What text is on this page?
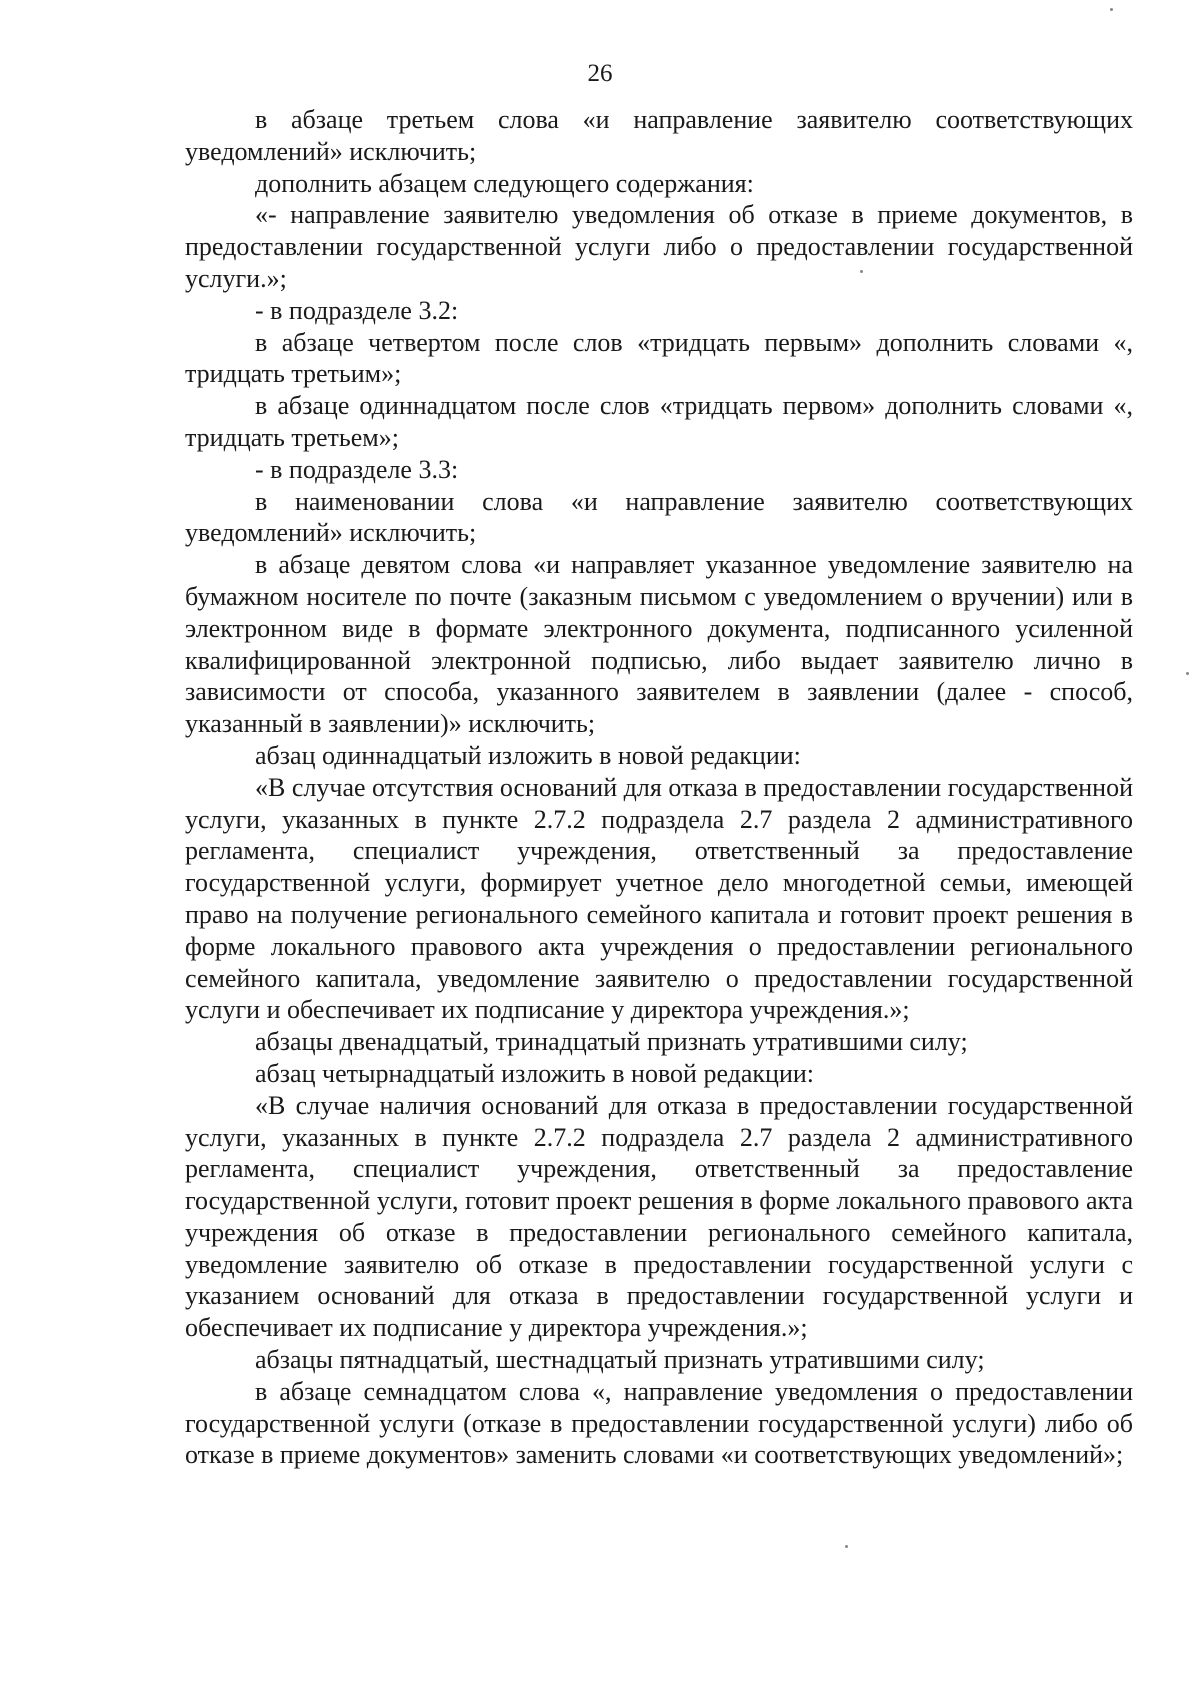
26

в абзаце третьем слова «и направление заявителю соответствующих уведомлений» исключить;

дополнить абзацем следующего содержания:

«- направление заявителю уведомления об отказе в приеме документов, в предоставлении государственной услуги либо о предоставлении государственной услуги.»;

- в подразделе 3.2:

в абзаце четвертом после слов «тридцать первым» дополнить словами «, тридцать третьим»;

в абзаце одиннадцатом после слов «тридцать первом» дополнить словами «, тридцать третьем»;

- в подразделе 3.3:

в наименовании слова «и направление заявителю соответствующих уведомлений» исключить;

в абзаце девятом слова «и направляет указанное уведомление заявителю на бумажном носителе по почте (заказным письмом с уведомлением о вручении) или в электронном виде в формате электронного документа, подписанного усиленной квалифицированной электронной подписью, либо выдает заявителю лично в зависимости от способа, указанного заявителем в заявлении (далее - способ, указанный в заявлении)» исключить;

абзац одиннадцатый изложить в новой редакции:

«В случае отсутствия оснований для отказа в предоставлении государственной услуги, указанных в пункте 2.7.2 подраздела 2.7 раздела 2 административного регламента, специалист учреждения, ответственный за предоставление государственной услуги, формирует учетное дело многодетной семьи, имеющей право на получение регионального семейного капитала и готовит проект решения в форме локального правового акта учреждения о предоставлении регионального семейного капитала, уведомление заявителю о предоставлении государственной услуги и обеспечивает их подписание у директора учреждения.»;

абзацы двенадцатый, тринадцатый признать утратившими силу;

абзац четырнадцатый изложить в новой редакции:

«В случае наличия оснований для отказа в предоставлении государственной услуги, указанных в пункте 2.7.2 подраздела 2.7 раздела 2 административного регламента, специалист учреждения, ответственный за предоставление государственной услуги, готовит проект решения в форме локального правового акта учреждения об отказе в предоставлении регионального семейного капитала, уведомление заявителю об отказе в предоставлении государственной услуги с указанием оснований для отказа в предоставлении государственной услуги и обеспечивает их подписание у директора учреждения.»;

абзацы пятнадцатый, шестнадцатый признать утратившими силу;

в абзаце семнадцатом слова «, направление уведомления о предоставлении государственной услуги (отказе в предоставлении государственной услуги) либо об отказе в приеме документов» заменить словами «и соответствующих уведомлений»;
